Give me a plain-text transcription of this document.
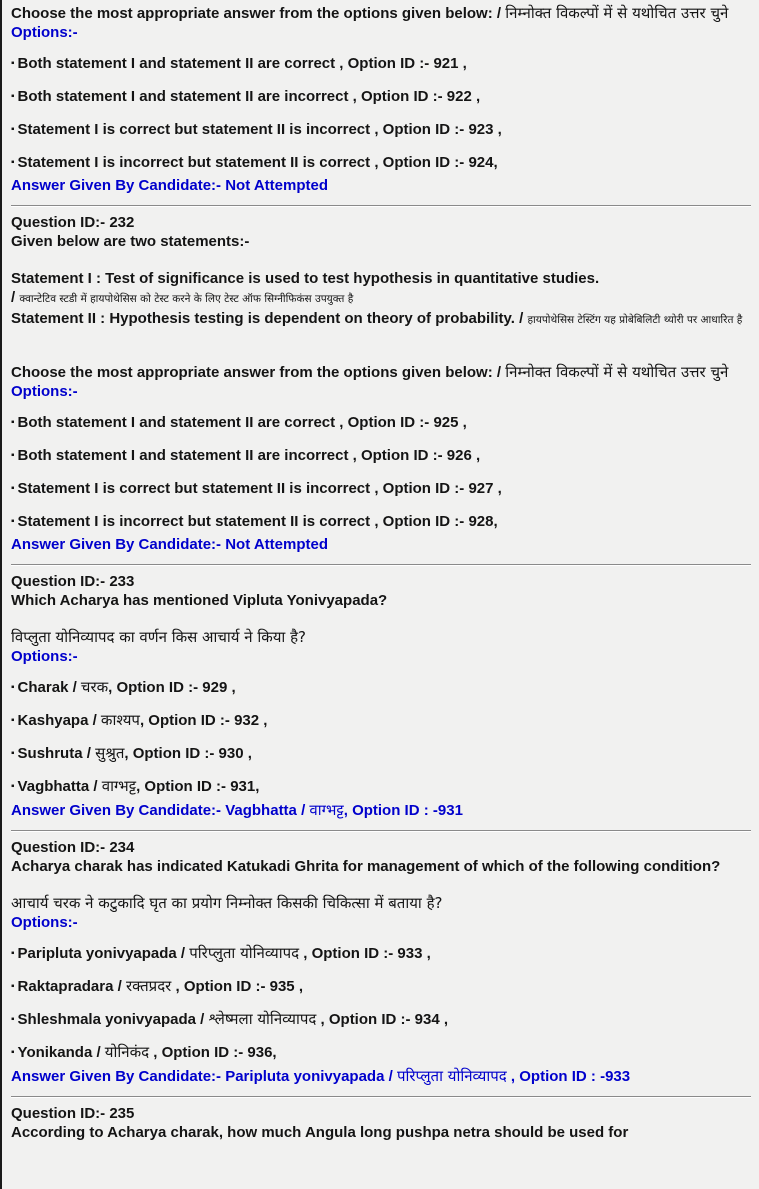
Choose the most appropriate answer from the options given below: / निम्नोक्त विकल्पों में से यथोचित उत्तर चुने
Options:-
▪ Both statement I and statement II are correct , Option ID :- 921 ,
▪ Both statement I and statement II are incorrect , Option ID :- 922 ,
▪ Statement I is correct but statement II is incorrect , Option ID :- 923 ,
▪ Statement I is incorrect but statement II is correct , Option ID :- 924,
Answer Given By Candidate:- Not Attempted
Question ID:- 232
Given below are two statements:-
Statement I : Test of significance is used to test hypothesis in quantitative studies.
/ क्वान्टेटिव स्टडी में हायपोथेसिस को टेस्ट करने के लिए टेस्ट ऑफ सिग्नीफिकंस उपयुक्त है
Statement II : Hypothesis testing is dependent on theory of probability. / हायपोथेसिस टेस्टिंग यह प्रोबेबिलिटी थ्योरी पर आधारित है
Choose the most appropriate answer from the options given below: / निम्नोक्त विकल्पों में से यथोचित उत्तर चुने
Options:-
▪ Both statement I and statement II are correct , Option ID :- 925 ,
▪ Both statement I and statement II are incorrect , Option ID :- 926 ,
▪ Statement I is correct but statement II is incorrect , Option ID :- 927 ,
▪ Statement I is incorrect but statement II is correct , Option ID :- 928,
Answer Given By Candidate:- Not Attempted
Question ID:- 233
Which Acharya has mentioned Vipluta Yonivyapada?
विप्लुता योनिव्यापद का वर्णन किस आचार्य ने किया है?
Options:-
▪ Charak / चरक, Option ID :- 929 ,
▪ Kashyapa / काश्यप, Option ID :- 932 ,
▪ Sushruta / सुश्रुत, Option ID :- 930 ,
▪ Vagbhatta / वाग्भट्ट, Option ID :- 931,
Answer Given By Candidate:- Vagbhatta / वाग्भट्ट, Option ID : -931
Question ID:- 234
Acharya charak has indicated Katukadi Ghrita for management of which of the following condition?
आचार्य चरक ने कटुकादि घृत का प्रयोग निम्नोक्त किसकी चिकित्सा में बताया है?
Options:-
▪ Paripluta yonivyapada / परिप्लुता योनिव्यापद , Option ID :- 933 ,
▪ Raktapradara / रक्तप्रदर , Option ID :- 935 ,
▪ Shleshmala yonivyapada / श्लेष्मला योनिव्यापद , Option ID :- 934 ,
▪ Yonikanda / योनिकंद , Option ID :- 936,
Answer Given By Candidate:- Paripluta yonivyapada / परिप्लुता योनिव्यापद , Option ID : -933
Question ID:- 235
According to Acharya charak, how much Angula long pushpa netra should be used for
